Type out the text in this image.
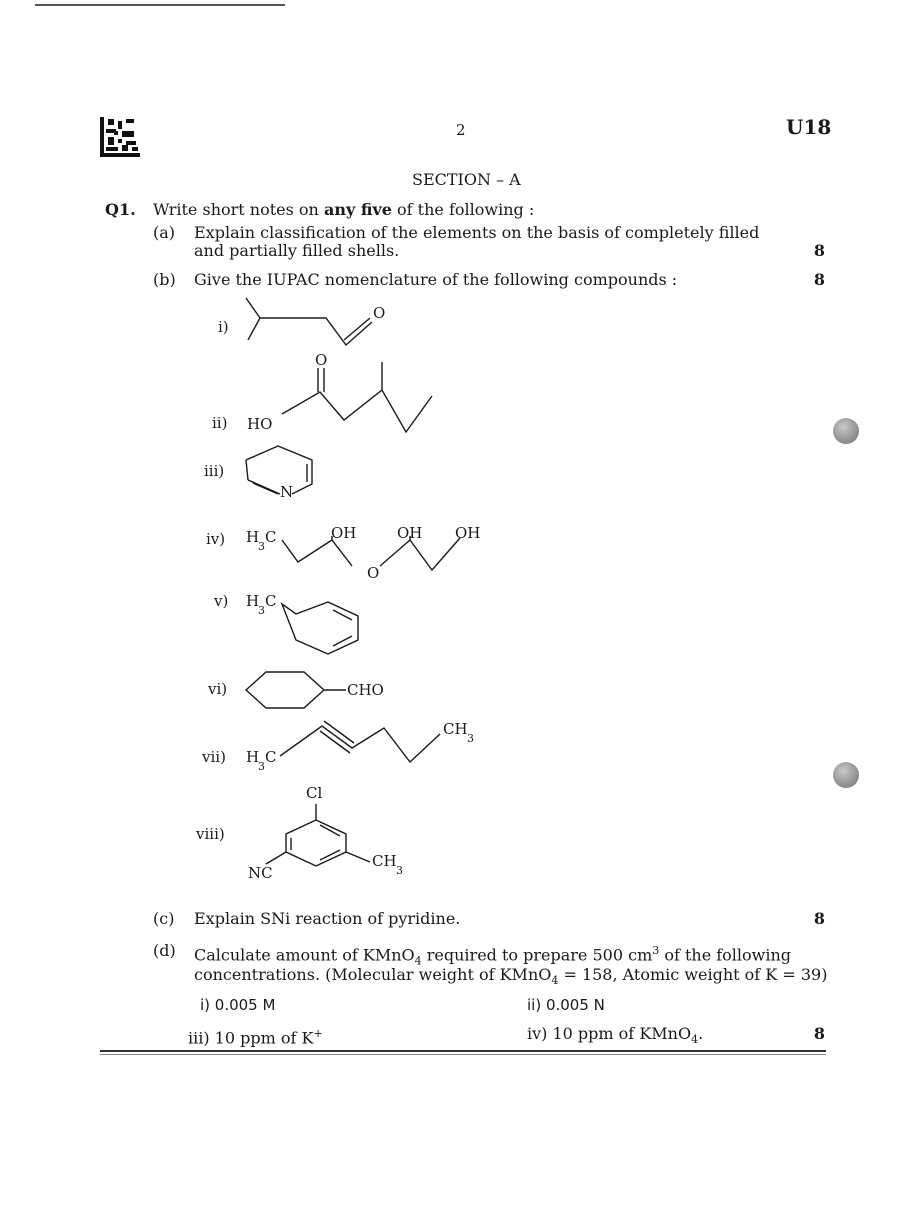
2	U18
SECTION – A
Q1. Write short notes on any five of the following :
(a) Explain classification of the elements on the basis of completely filled
and partially filled shells.	8
(b) Give the IUPAC nomenclature of the following compounds :	8
i)
ii)
iii)
iv)
v)
vi)
vii)
viii)
O
O
HO
N
H
3
C	OH
O
OH OH
H
3
C
CHO
H
3
C
CH
3
Cl
NC
CH
3
(c) Explain SNi reaction of pyridine.	8
(d) Calculate amount of KMnO$_4$ required to prepare 500 $cm^3$ of the following
concentrations. (Molecular weight of KMnO$_4$ = 158, Atomic weight of K = 39)
i) 0.005 M	ii) 0.005 N
iii) 10 ppm of K+	iv) 10 ppm of KMnO$_4$.	8
